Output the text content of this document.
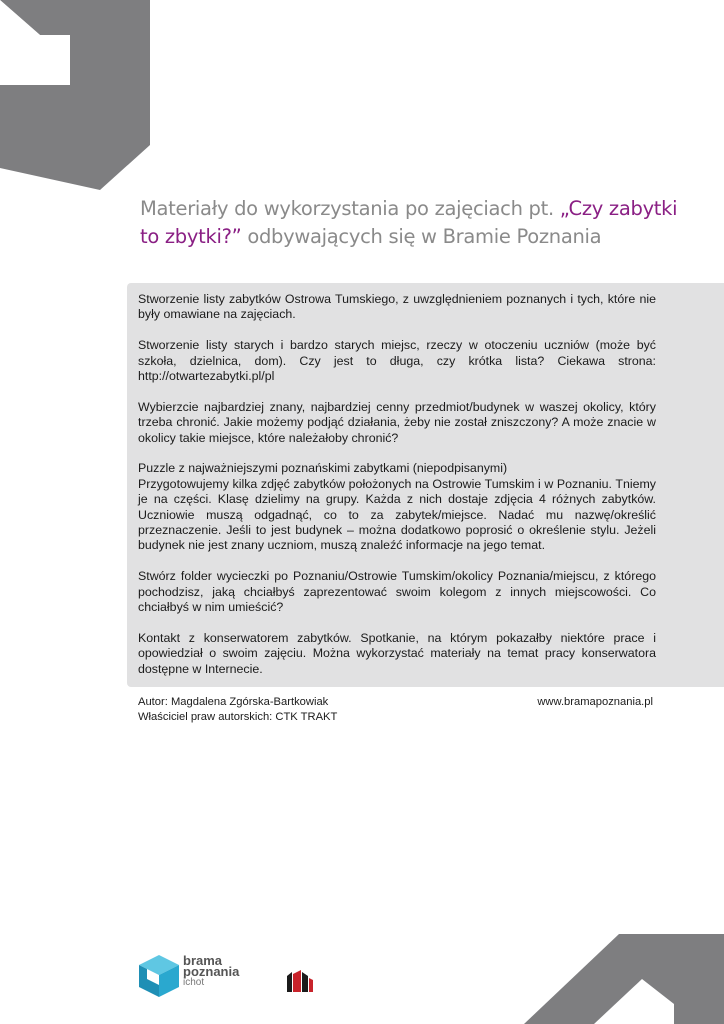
Materiały do wykorzystania po zajęciach pt. „Czy zabytki to zbytki?” odbywających się w Bramie Poznania

Stworzenie listy zabytków Ostrowa Tumskiego, z uwzględnieniem poznanych i tych, które nie były omawiane na zajęciach.

Stworzenie listy starych i bardzo starych miejsc, rzeczy w otoczeniu uczniów (może być szkoła, dzielnica, dom). Czy jest to długa, czy krótka lista? Ciekawa strona: http://otwartezabytki.pl/pl

Wybierzcie najbardziej znany, najbardziej cenny przedmiot/budynek w waszej okolicy, który trzeba chronić. Jakie możemy podjąć działania, żeby nie został zniszczony? A może znacie w okolicy takie miejsce, które należałoby chronić?

Puzzle z najważniejszymi poznańskimi zabytkami (niepodpisanymi)
Przygotowujemy kilka zdjęć zabytków położonych na Ostrowie Tumskim i w Poznaniu. Tniemy je na części. Klasę dzielimy na grupy. Każda z nich dostaje zdjęcia 4 różnych zabytków. Uczniowie muszą odgadnąć, co to za zabytek/miejsce. Nadać mu nazwę/określić przeznaczenie. Jeśli to jest budynek – można dodatkowo poprosić o określenie stylu. Jeżeli budynek nie jest znany uczniom, muszą znaleźć informacje na jego temat.

Stwórz folder wycieczki po Poznaniu/Ostrowie Tumskim/okolicy Poznania/miejscu, z którego pochodzisz, jaką chciałbyś zaprezentować swoim kolegom z innych miejscowości. Co chciałbyś w nim umieścić?

Kontakt z konserwatorem zabytków. Spotkanie, na którym pokazałby niektóre prace i opowiedział o swoim zajęciu. Można wykorzystać materiały na temat pracy konserwatora dostępne w Internecie.

Autor: Magdalena Zgórska-Bartkowiak
Właściciel praw autorskich: CTK TRAKT
www.bramapoznania.pl
brama
poznania
ichot
